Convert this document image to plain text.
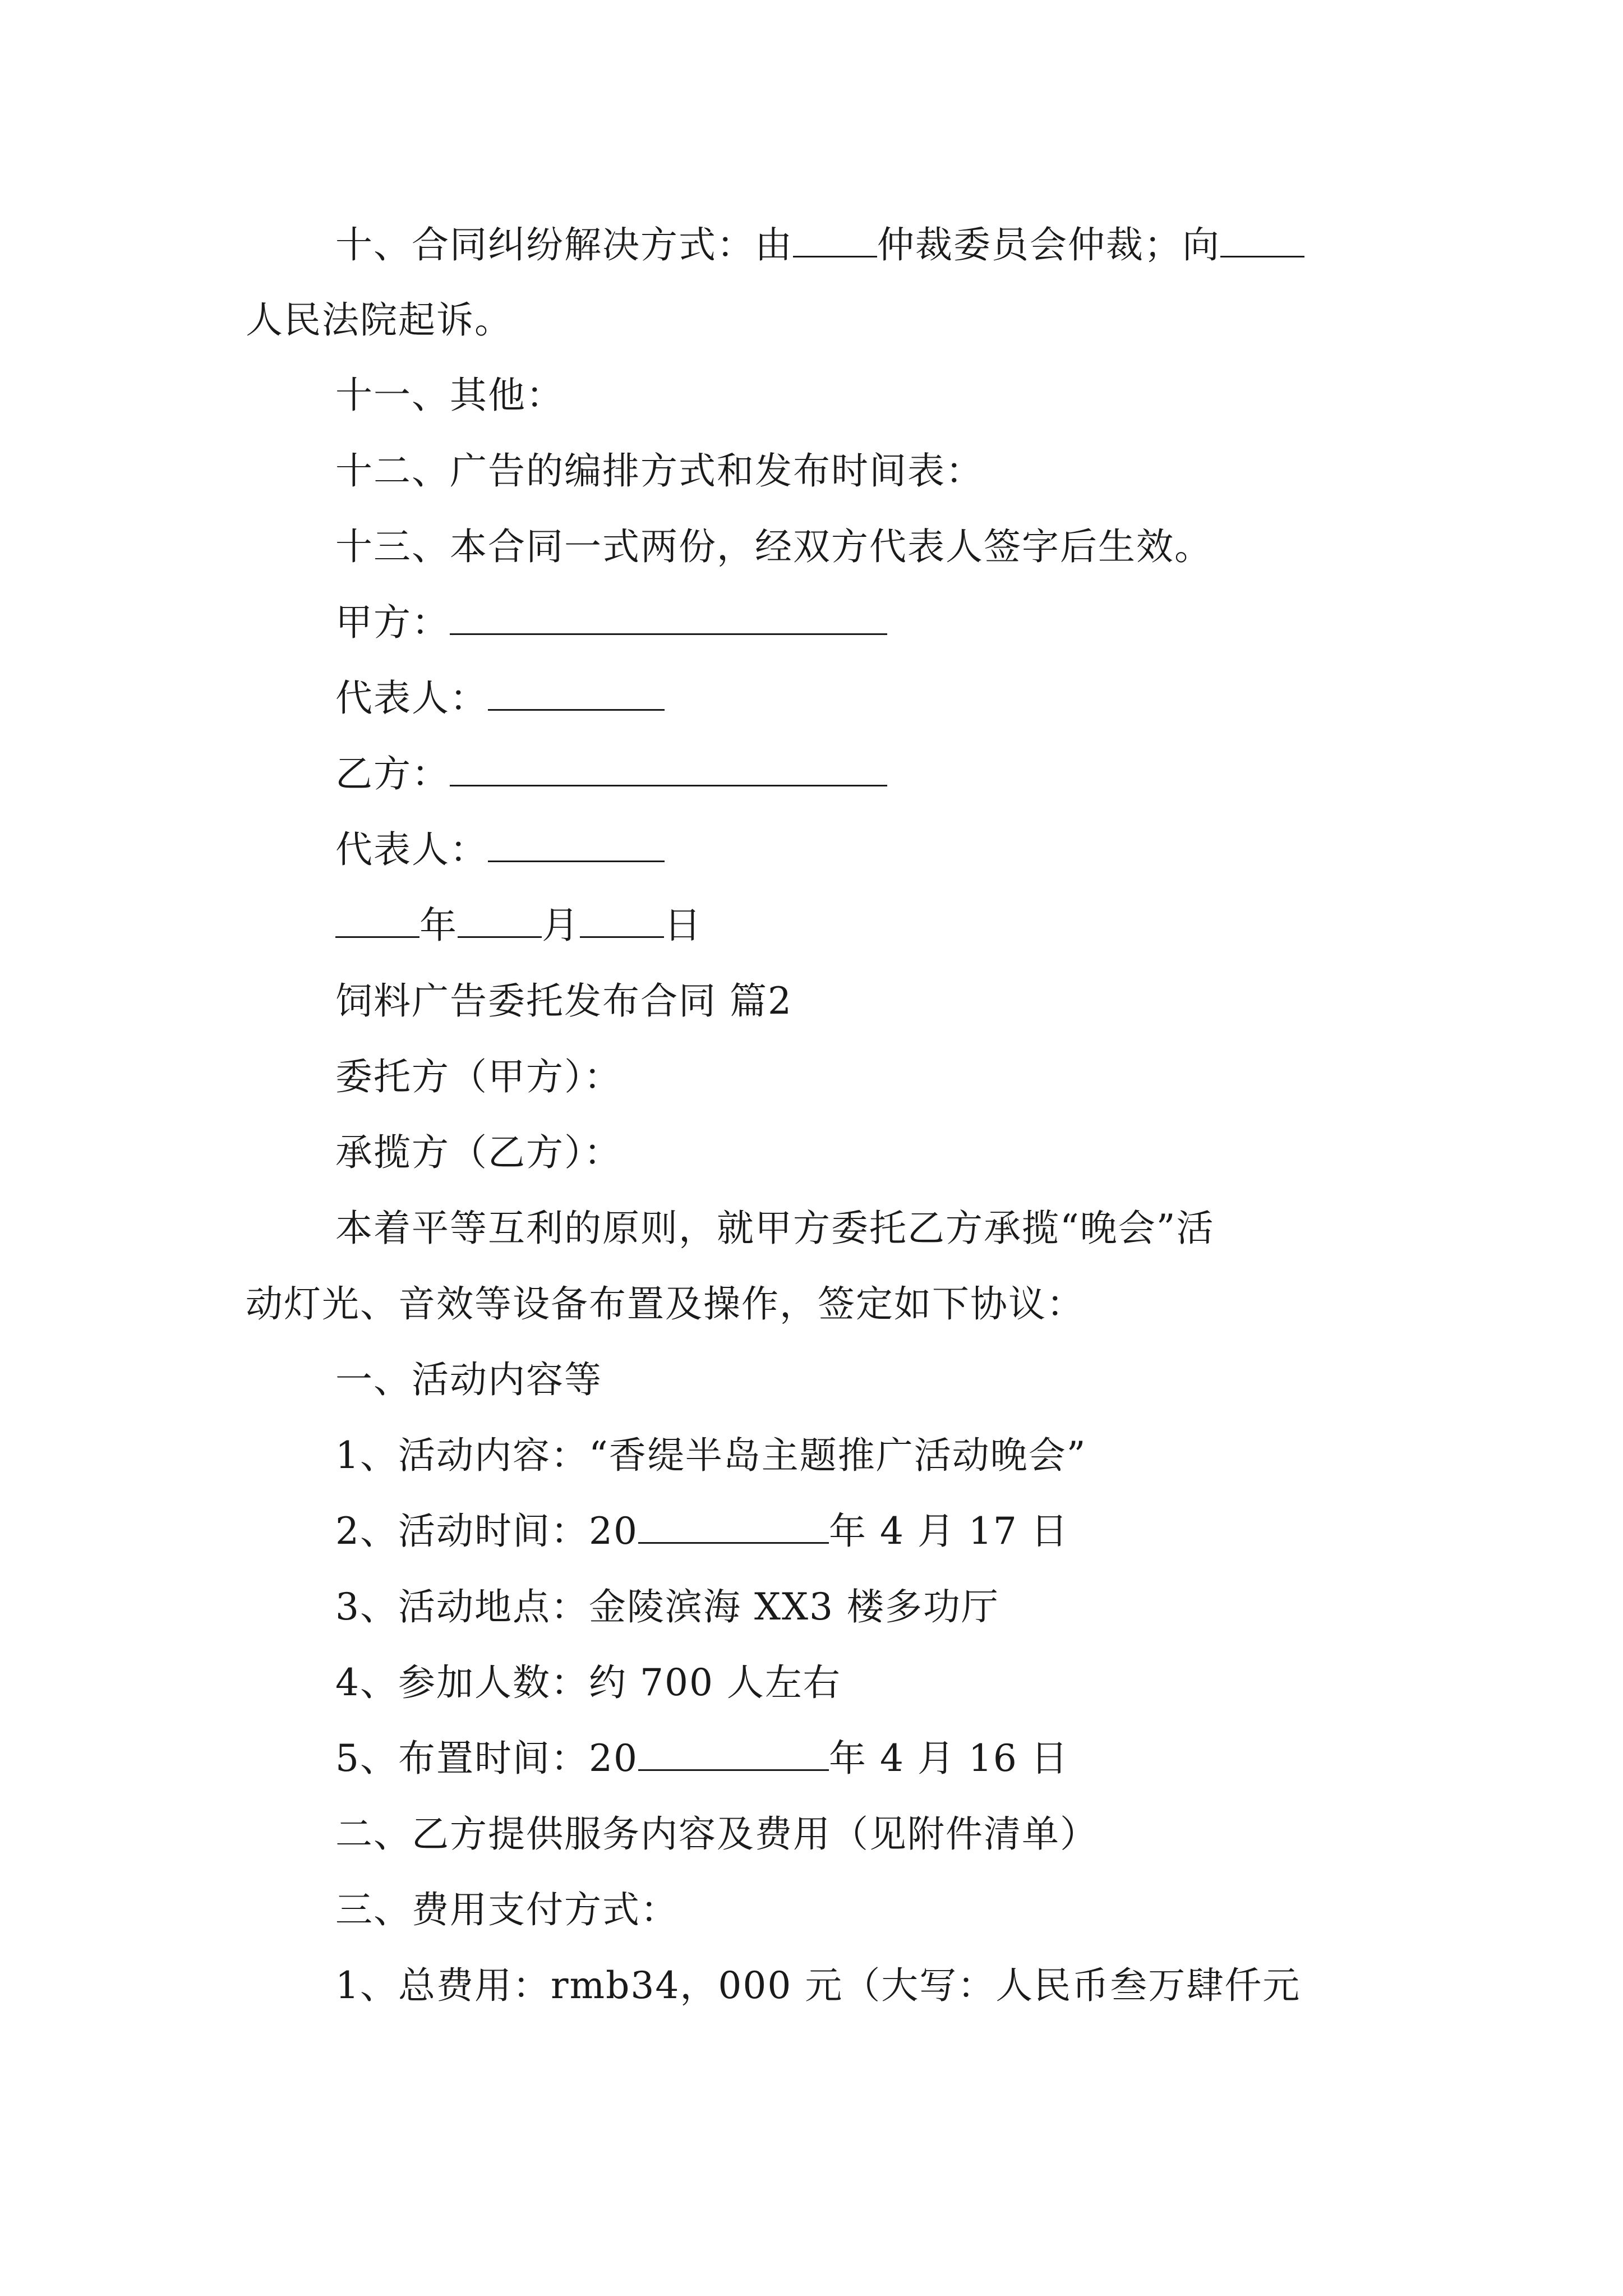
十、合同纠纷解决方式：由 仲裁委员会仲裁；向
人民法院起诉。
十一、其他：
十二、广告的编排方式和发布时间表：
十三、本合同一式两份，经双方代表人签字后生效。
甲方：
代表人：
乙方：
代表人：
年 月 日
饲料广告委托发布合同 篇2
委托方（甲方）：
承揽方（乙方）：
本着平等互利的原则，就甲方委托乙方承揽“晚会”活
动灯光、音效等设备布置及操作，签定如下协议：
一、活动内容等
1、活动内容：“香缇半岛主题推广活动晚会”
2、活动时间：20	年 4 月 17 日
3、活动地点：金陵滨海 XX3 楼多功厅
4、参加人数：约 700 人左右
5、布置时间：20	年 4 月 16 日
二、乙方提供服务内容及费用（见附件清单）
三、费用支付方式：
1、总费用：rmb34，000 元（大写：人民币叁万肆仟元
